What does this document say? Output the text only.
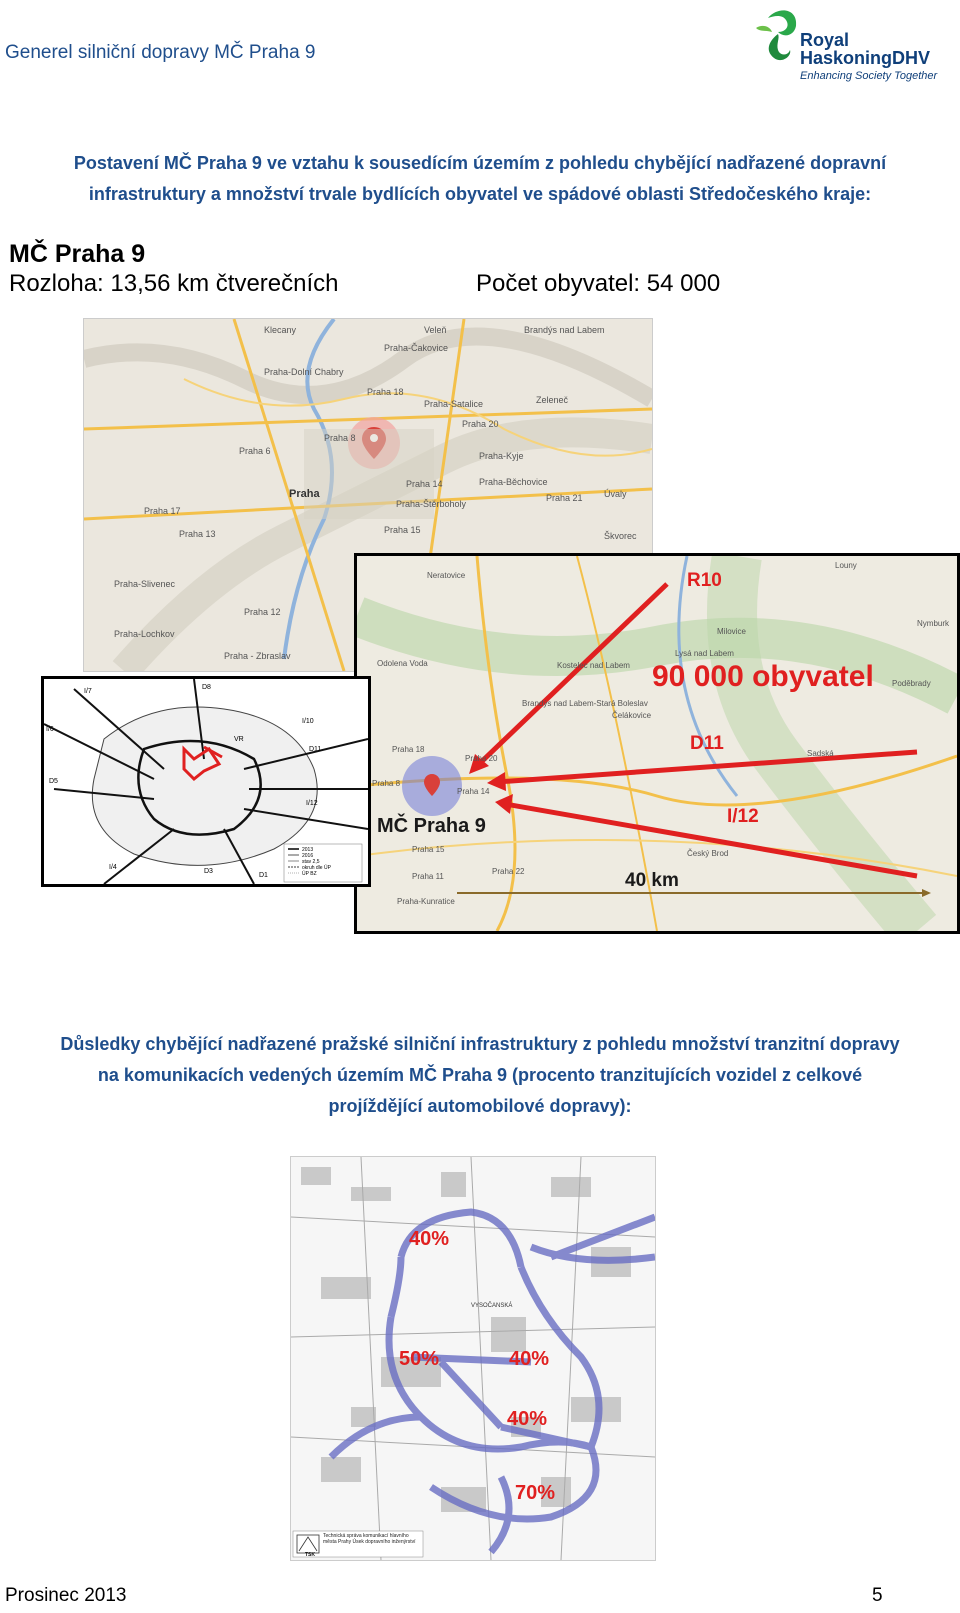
Generel silniční dopravy MČ Praha 9
Royal
HaskoningDHV
Enhancing Society Together
Postavení MČ Praha 9 ve vztahu k sousedícím územím z pohledu chybějící nadřazené dopravní
infrastruktury a množství trvale bydlících obyvatel ve spádové oblasti Středočeského kraje:
MČ Praha 9
Rozloha: 13,56 km čtverečních	Počet obyvatel: 54 000
Praha 8
Praha 18
Praha 14
Praha 20
Praha 6
Praha
Praha 17
Praha 13	Praha 15
Praha 12
Praha 21
Praha - Zbraslav
Praha-Čakovice
Praha-Dolní Chabry
Praha-Satalice
Praha-Kyje
Praha-Běchovice
Praha-Štěrboholy
Praha-Slivenec
Praha-Lochkov
Úvaly
Škvorec
Zeleneč
Klecany	Veleň	Brandýs nad Labem
MČ Praha 9
R10
D11
I/12
90 000 obyvatel
40 km
Neratovice
Brandýs nad Labem-Stará Boleslav
Milovice
Lysá nad Labem
Čelákovice
Poděbrady
Sadská
Český Brod
Kostelec nad Labem
Odolena Voda
Praha 20
Praha 14
Praha 18
Praha 8
Praha 15
Praha 11
Praha 22
Praha-Kunratice
Louny
Nymburk
D8
I/7
I/6
D5
I/4
D1
D3
I/10
D11
I/12
VR
2013
2016
stav 2,5
okruh dle ÚP
ÚP BZ
Důsledky chybějící nadřazené pražské silniční infrastruktury z pohledu množství tranzitní dopravy
na komunikacích vedených územím MČ Praha 9 (procento tranzitujících vozidel z celkové
projíždějící automobilové dopravy):
40%
50%	40%
40%
70%
VYSOČANSKÁ
TSK
Technická správa komunikací hlavního města Prahy Úsek dopravního inženýrství
Prosinec 2013	5
